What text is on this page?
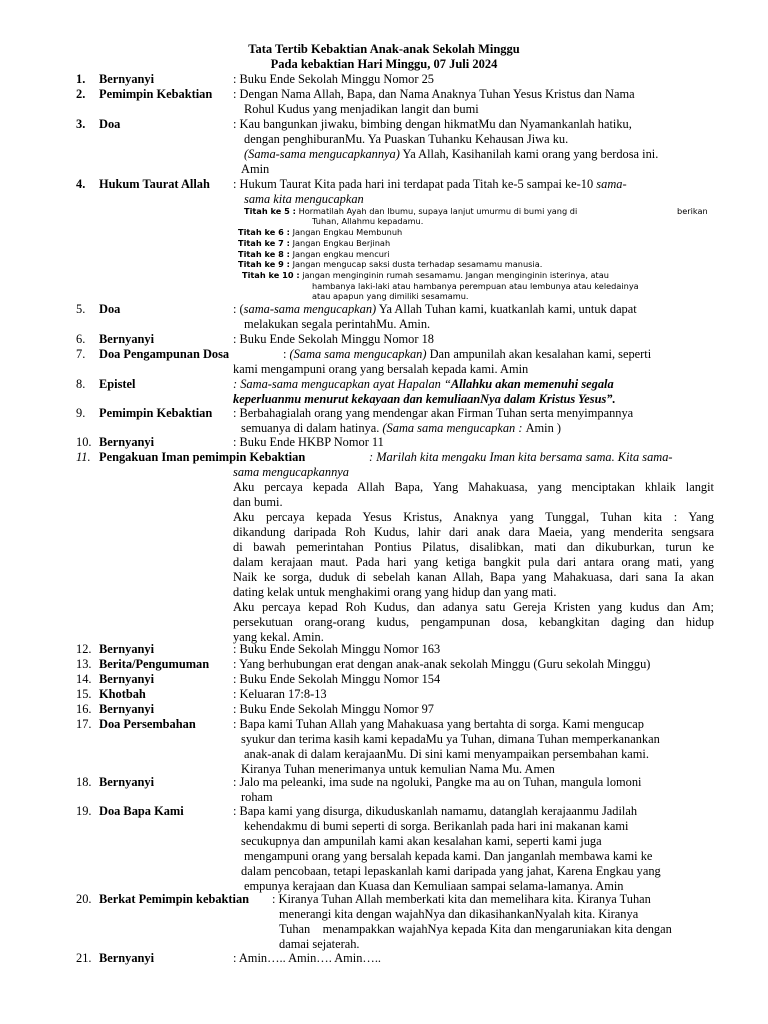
Tata Tertib Kebaktian Anak-anak Sekolah Minggu
Pada kebaktian Hari Minggu, 07 Juli 2024
1. Bernyanyi	: Buku Ende Sekolah Minggu Nomor 25
2. Pemimpin Kebaktian : Dengan Nama Allah, Bapa, dan Nama Anaknya Tuhan Yesus Kristus dan Nama
Rohul Kudus yang menjadikan langit dan bumi
3. Doa	: Kau bangunkan jiwaku, bimbing dengan hikmatMu dan Nyamankanlah hatiku,
dengan penghiburanMu. Ya Puaskan Tuhanku Kehausan Jiwa ku.
(Sama-sama mengucapkannya) Ya Allah, Kasihanilah kami orang yang berdosa ini.
Amin
4. Hukum Taurat Allah : Hukum Taurat Kita pada hari ini terdapat pada Titah ke-5 sampai ke-10 sama-
sama kita mengucapkan
Titah ke 5 : Hormatilah Ayah dan Ibumu, supaya lanjut umurmu di bumi yang di	berikan
Tuhan, Allahmu kepadamu.
Titah ke 6 : Jangan Engkau Membunuh
Titah ke 7 : Jangan Engkau Berjinah
Titah ke 8 : Jangan engkau mencuri
Titah ke 9 : Jangan mengucap saksi dusta terhadap sesamamu manusia.
Titah ke 10 : jangan menginginin rumah sesamamu. Jangan menginginin isterinya, atau
hambanya laki-laki atau hambanya perempuan atau lembunya atau keledainya
atau apapun yang dimiliki sesamamu.
5. Doa	: (sama-sama mengucapkan) Ya Allah Tuhan kami, kuatkanlah kami, untuk dapat
melakukan segala perintahMu. Amin.
6. Bernyanyi	: Buku Ende Sekolah Minggu Nomor 18
7. Doa Pengampunan Dosa	: (Sama sama mengucapkan) Dan ampunilah akan kesalahan kami, seperti
kami mengampuni orang yang bersalah kepada kami. Amin
8. Epistel	: Sama-sama mengucapkan ayat Hapalan “Allahku akan memenuhi segala
keperluanmu menurut kekayaan dan kemuliaanNya dalam Kristus Yesus”.
9. Pemimpin Kebaktian : Berbahagialah orang yang mendengar akan Firman Tuhan serta menyimpannya
semuanya di dalam hatinya. (Sama sama mengucapkan : Amin )
10. Bernyanyi	: Buku Ende HKBP Nomor 11
11. Pengakuan Iman pemimpin Kebaktian	: Marilah kita mengaku Iman kita bersama sama. Kita sama-
sama mengucapkannya
Aku percaya kepada Allah Bapa, Yang Mahakuasa, yang menciptakan khlaik langit
dan bumi.
Aku percaya kepada Yesus Kristus, Anaknya yang Tunggal, Tuhan kita : Yang
dikandung daripada Roh Kudus, lahir dari anak dara Maeia, yang menderita sengsara
di bawah pemerintahan Pontius Pilatus, disalibkan, mati dan dikuburkan, turun ke
dalam kerajaan maut. Pada hari yang ketiga bangkit pula dari antara orang mati, yang
Naik ke sorga, duduk di sebelah kanan Allah, Bapa yang Mahakuasa, dari sana Ia akan
dating kelak untuk menghakimi orang yang hidup dan yang mati.
Aku percaya kepad Roh Kudus, dan adanya satu Gereja Kristen yang kudus dan Am;
persekutuan orang-orang kudus, pengampunan dosa, kebangkitan daging dan hidup
yang kekal. Amin.
12. Bernyanyi	: Buku Ende Sekolah Minggu Nomor 163
13. Berita/Pengumuman : Yang berhubungan erat dengan anak-anak sekolah Minggu (Guru sekolah Minggu)
14. Bernyanyi	: Buku Ende Sekolah Minggu Nomor 154
15. Khotbah	: Keluaran 17:8-13
16. Bernyanyi	: Buku Ende Sekolah Minggu Nomor 97
17. Doa Persembahan	: Bapa kami Tuhan Allah yang Mahakuasa yang bertahta di sorga. Kami mengucap
syukur dan terima kasih kami kepadaMu ya Tuhan, dimana Tuhan memperkanankan
anak-anak di dalam kerajaanMu. Di sini kami menyampaikan persembahan kami.
Kiranya Tuhan menerimanya untuk kemulian Nama Mu. Amen
18. Bernyanyi	: Jalo ma peleanki, ima sude na ngoluki, Pangke ma au on Tuhan, mangula lomoni
roham
19. Doa Bapa Kami	: Bapa kami yang disurga, dikuduskanlah namamu, datanglah kerajaanmu Jadilah
kehendakmu di bumi seperti di sorga. Berikanlah pada hari ini makanan kami
secukupnya dan ampunilah kami akan kesalahan kami, seperti kami juga
mengampuni orang yang bersalah kepada kami. Dan janganlah membawa kami ke
dalam pencobaan, tetapi lepaskanlah kami daripada yang jahat, Karena Engkau yang
empunya kerajaan dan Kuasa dan Kemuliaan sampai selama-lamanya. Amin
20. Berkat Pemimpin kebaktian : Kiranya Tuhan Allah memberkati kita dan memelihara kita. Kiranya Tuhan
menerangi kita dengan wajahNya dan dikasihankanNyalah kita. Kiranya
Tuhan    menampakkan wajahNya kepada Kita dan mengaruniakan kita dengan
damai sejaterah.
21. Bernyanyi	: Amin….. Amin…. Amin…..
